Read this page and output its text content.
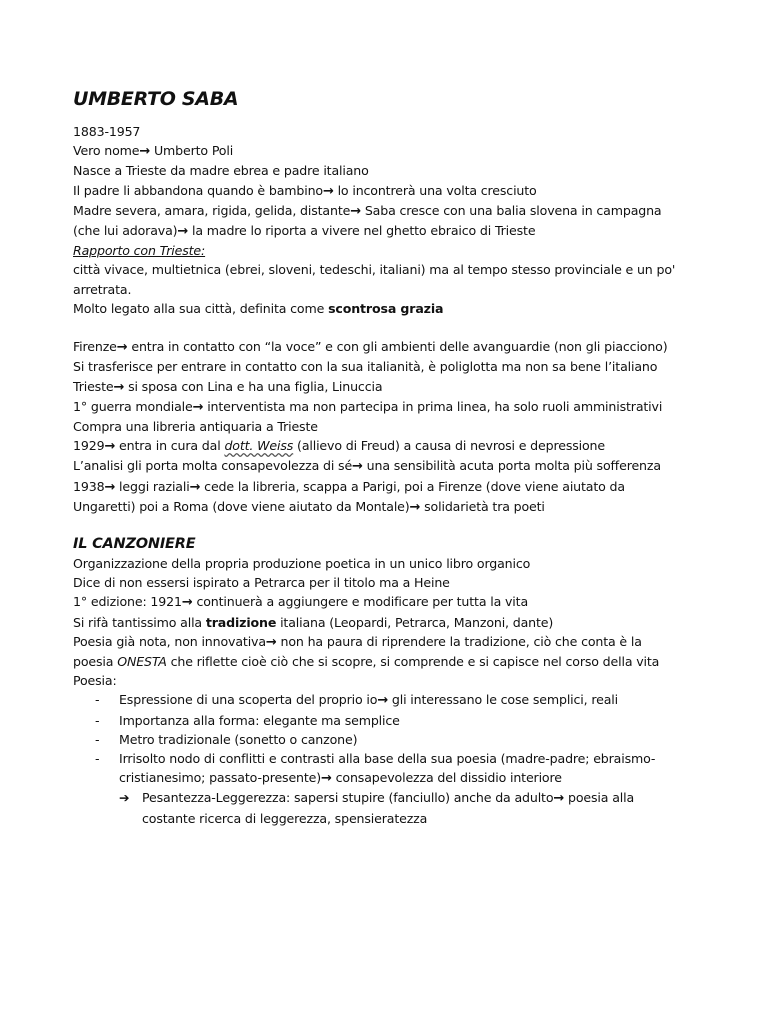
UMBERTO SABA
1883-1957
Vero nome→ Umberto Poli
Nasce a Trieste da madre ebrea e padre italiano
Il padre li abbandona quando è bambino→ lo incontrerà una volta cresciuto
Madre severa, amara, rigida, gelida, distante→ Saba cresce con una balia slovena in campagna
(che lui adorava)→ la madre lo riporta a vivere nel ghetto ebraico di Trieste
Rapporto con Trieste:
città vivace, multietnica (ebrei, sloveni, tedeschi, italiani) ma al tempo stesso provinciale e un po'
arretrata.
Molto legato alla sua città, definita come scontrosa grazia
Firenze→ entra in contatto con “la voce” e con gli ambienti delle avanguardie (non gli piacciono)
Si trasferisce per entrare in contatto con la sua italianità, è poliglotta ma non sa bene l’italiano
Trieste→ si sposa con Lina e ha una figlia, Linuccia
1° guerra mondiale→ interventista ma non partecipa in prima linea, ha solo ruoli amministrativi
Compra una libreria antiquaria a Trieste
1929→ entra in cura dal dott. Weiss (allievo di Freud) a causa di nevrosi e depressione
L’analisi gli porta molta consapevolezza di sé→ una sensibilità acuta porta molta più sofferenza
1938→ leggi raziali→ cede la libreria, scappa a Parigi, poi a Firenze (dove viene aiutato da
Ungaretti) poi a Roma (dove viene aiutato da Montale)→ solidarietà tra poeti
IL CANZONIERE
Organizzazione della propria produzione poetica in un unico libro organico
Dice di non essersi ispirato a Petrarca per il titolo ma a Heine
1° edizione: 1921→ continuerà a aggiungere e modificare per tutta la vita
Si rifà tantissimo alla tradizione italiana (Leopardi, Petrarca, Manzoni, dante)
Poesia già nota, non innovativa→ non ha paura di riprendere la tradizione, ciò che conta è la
poesia ONESTA che riflette cioè ciò che si scopre, si comprende e si capisce nel corso della vita
Poesia:
- Espressione di una scoperta del proprio io→ gli interessano le cose semplici, reali
- Importanza alla forma: elegante ma semplice
- Metro tradizionale (sonetto o canzone)
- Irrisolto nodo di conflitti e contrasti alla base della sua poesia (madre-padre; ebraismo-
cristianesimo; passato-presente)→ consapevolezza del dissidio interiore
➔ Pesantezza-Leggerezza: sapersi stupire (fanciullo) anche da adulto→ poesia alla
costante ricerca di leggerezza, spensieratezza
